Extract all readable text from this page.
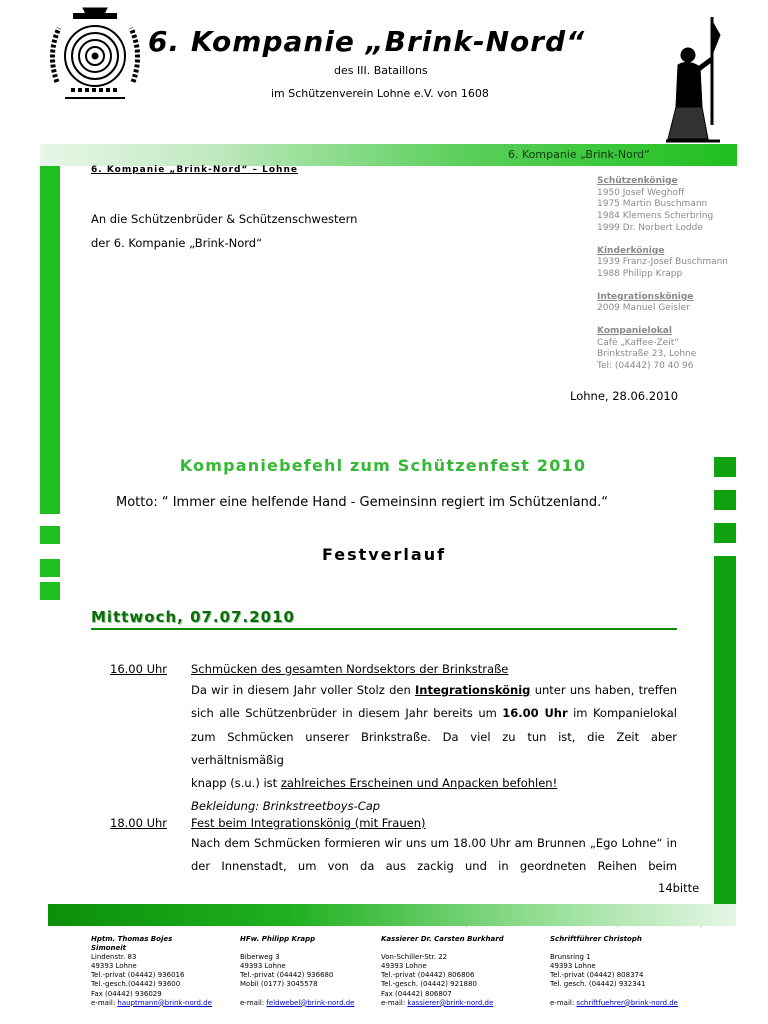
6. Kompanie „Brink-Nord“
des III. Bataillons
im Schützenverein Lohne e.V. von 1608
6. Kompanie „Brink-Nord“
6. Kompanie „Brink-Nord“ – Lohne
An die Schützenbrüder & Schützenschwestern
der 6. Kompanie „Brink-Nord“
Schützenkönige
1950 Josef Weghoff
1975 Martin Buschmann
1984 Klemens Scherbring
1999 Dr. Norbert Lodde
Kinderkönige
1939 Franz-Josef Buschmann
1988 Philipp Krapp
Integrationskönige
2009 Manuel Geisler
Kompanielokal
Café „Kaffee-Zeit“
Brinkstraße 23, Lohne
Tel: (04442) 70 40 96
Lohne, 28.06.2010
Kompaniebefehl zum Schützenfest 2010
Motto: “ Immer eine helfende Hand - Gemeinsinn regiert im Schützenland.“
Festverlauf
Mittwoch, 07.07.2010
16.00 Uhr Schmücken des gesamten Nordsektors der Brinkstraße
Da wir in diesem Jahr voller Stolz den Integrationskönig unter uns haben, treffen
sich alle Schützenbrüder in diesem Jahr bereits um 16.00 Uhr im Kompanielokal
zum Schmücken unserer Brinkstraße. Da viel zu tun ist, die Zeit aber verhältnismäßig
knapp (s.u.) ist zahlreiches Erscheinen und Anpacken befohlen!
Bekleidung: Brinkstreetboys-Cap
18.00 Uhr Fest beim Integrationskönig (mit Frauen)
Nach dem Schmücken formieren wir uns um 18.00 Uhr am Brunnen „Ego Lohne“ in
der Innenstadt, um von da aus zackig und in geordneten Reihen beim
14bitte
Hptm. Thomas Bojes
Simoneit
Lindenstr. 83
49393 Lohne
Tel.-privat (04442) 936016
Tel.-gesch.(04442) 93600
Fax (04442) 936029
e-mail: hauptmann@brink-nord.de
HFw. Philipp Krapp

Biberweg 3
49393 Lohne
Tel.-privat (04442) 936680
Mobil (0177) 3045578

e-mail: feldwebel@brink-nord.de
Kassierer Dr. Carsten Burkhard

Von-Schiller-Str. 22
49393 Lohne
Tel.-privat (04442) 806806
Tel.-gesch. (04442) 921880
Fax (04442) 806807
e-mail: kassierer@brink-nord.de
Schriftführer Christoph

Brunsring 1
49393 Lohne
Tel.-privat (04442) 808374
Tel. gesch. (04442) 932341

e-mail: schriftfuehrer@brink-nord.de
